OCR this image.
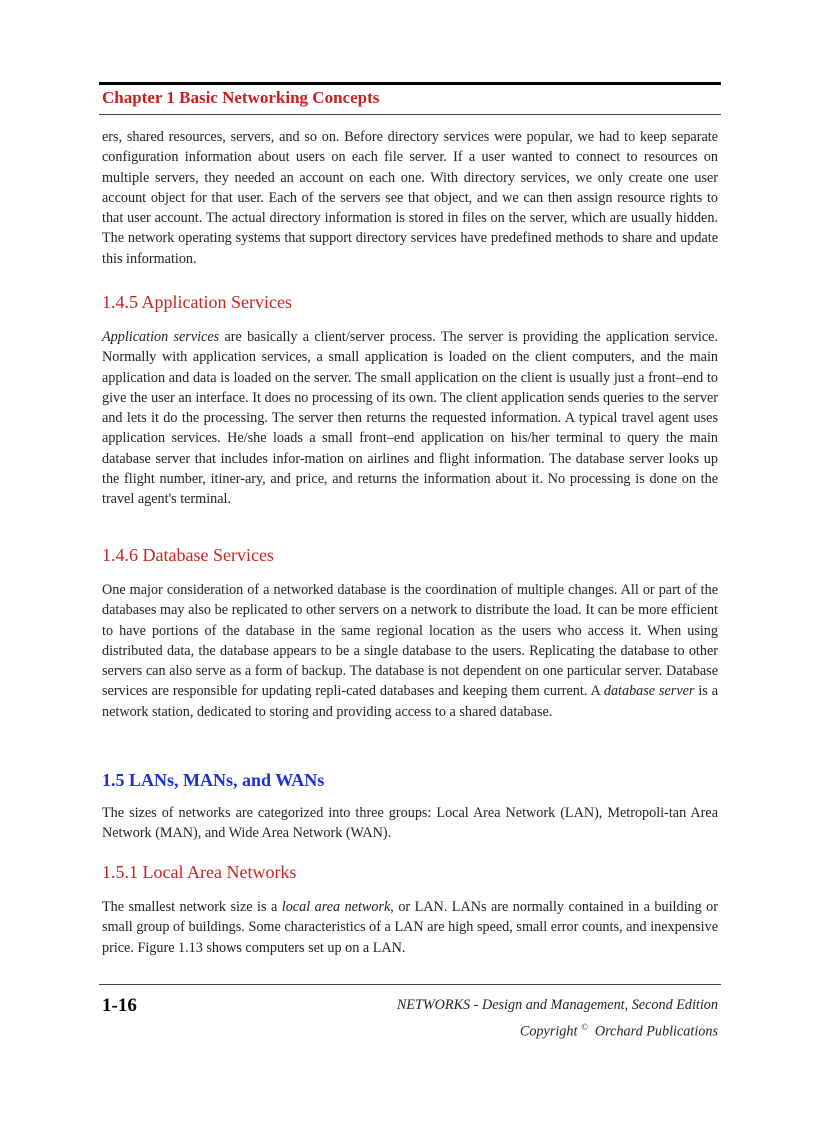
Chapter 1 Basic Networking Concepts

ers, shared resources, servers, and so on. Before directory services were popular, we had to keep separate configuration information about users on each file server. If a user wanted to connect to resources on multiple servers, they needed an account on each one. With directory services, we only create one user account object for that user. Each of the servers see that object, and we can then assign resource rights to that user account. The actual directory information is stored in files on the server, which are usually hidden. The network operating systems that support directory services have predefined methods to share and update this information.

1.4.5 Application Services

Application services are basically a client/server process. The server is providing the application service. Normally with application services, a small application is loaded on the client computers, and the main application and data is loaded on the server. The small application on the client is usually just a front–end to give the user an interface. It does no processing of its own. The client application sends queries to the server and lets it do the processing. The server then returns the requested information. A typical travel agent uses application services. He/she loads a small front–end application on his/her terminal to query the main database server that includes infor-mation on airlines and flight information. The database server looks up the flight number, itiner-ary, and price, and returns the information about it. No processing is done on the travel agent's terminal.

1.4.6 Database Services

One major consideration of a networked database is the coordination of multiple changes. All or part of the databases may also be replicated to other servers on a network to distribute the load. It can be more efficient to have portions of the database in the same regional location as the users who access it. When using distributed data, the database appears to be a single database to the users. Replicating the database to other servers can also serve as a form of backup. The database is not dependent on one particular server. Database services are responsible for updating repli-cated databases and keeping them current. A database server is a network station, dedicated to storing and providing access to a shared database.

1.5 LANs, MANs, and WANs

The sizes of networks are categorized into three groups: Local Area Network (LAN), Metropoli-tan Area Network (MAN), and Wide Area Network (WAN).

1.5.1 Local Area Networks

The smallest network size is a local area network, or LAN. LANs are normally contained in a building or small group of buildings. Some characteristics of a LAN are high speed, small error counts, and inexpensive price. Figure 1.13 shows computers set up on a LAN.

1-16	NETWORKS - Design and Management, Second Edition
Copyright ©  Orchard Publications
